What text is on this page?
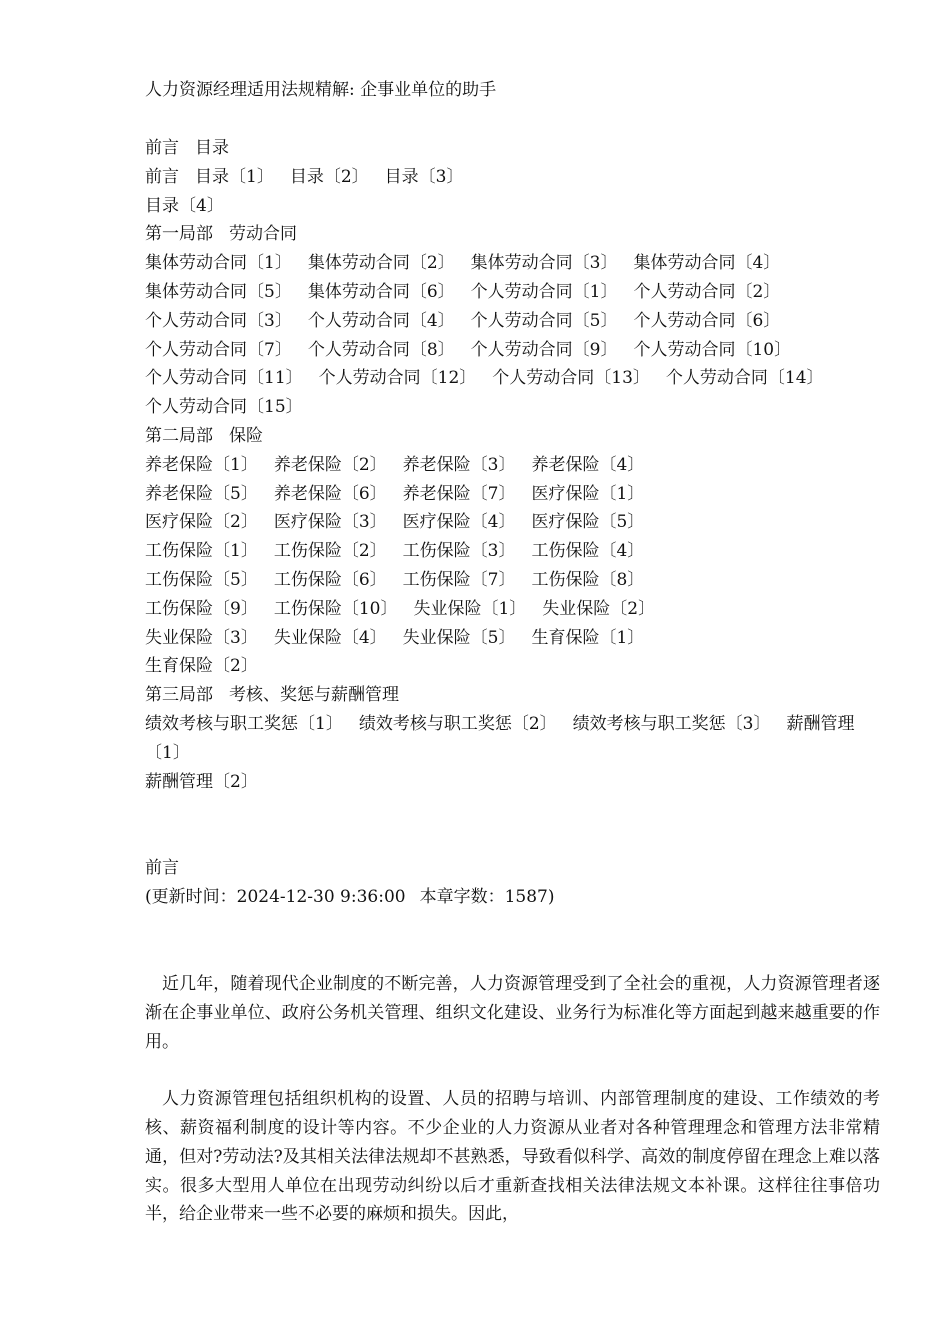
人力资源经理适用法规精解: 企事业单位的助手
前言 目录
前言 目录〔1〕 目录〔2〕 目录〔3〕
目录〔4〕
第一局部 劳动合同
集体劳动合同〔1〕 集体劳动合同〔2〕 集体劳动合同〔3〕 集体劳动合同〔4〕
集体劳动合同〔5〕 集体劳动合同〔6〕 个人劳动合同〔1〕 个人劳动合同〔2〕
个人劳动合同〔3〕 个人劳动合同〔4〕 个人劳动合同〔5〕 个人劳动合同〔6〕
个人劳动合同〔7〕 个人劳动合同〔8〕 个人劳动合同〔9〕 个人劳动合同〔10〕
个人劳动合同〔11〕 个人劳动合同〔12〕 个人劳动合同〔13〕 个人劳动合同〔14〕
个人劳动合同〔15〕
第二局部 保险
养老保险〔1〕 养老保险〔2〕 养老保险〔3〕 养老保险〔4〕
养老保险〔5〕 养老保险〔6〕 养老保险〔7〕 医疗保险〔1〕
医疗保险〔2〕 医疗保险〔3〕 医疗保险〔4〕 医疗保险〔5〕
工伤保险〔1〕 工伤保险〔2〕 工伤保险〔3〕 工伤保险〔4〕
工伤保险〔5〕 工伤保险〔6〕 工伤保险〔7〕 工伤保险〔8〕
工伤保险〔9〕 工伤保险〔10〕 失业保险〔1〕 失业保险〔2〕
失业保险〔3〕 失业保险〔4〕 失业保险〔5〕 生育保险〔1〕
生育保险〔2〕
第三局部 考核、奖惩与薪酬管理
绩效考核与职工奖惩〔1〕 绩效考核与职工奖惩〔2〕 绩效考核与职工奖惩〔3〕 薪酬管理〔1〕
薪酬管理〔2〕
前言
(更新时间：2024-12-30 9:36:00 本章字数：1587)

近几年，随着现代企业制度的不断完善，人力资源管理受到了全社会的重视，人力资源管理者逐渐在企事业单位、政府公务机关管理、组织文化建设、业务行为标准化等方面起到越来越重要的作用。

人力资源管理包括组织机构的设置、人员的招聘与培训、内部管理制度的建设、工作绩效的考核、薪资福利制度的设计等内容。不少企业的人力资源从业者对各种管理理念和管理方法非常精通，但对?劳动法?及其相关法律法规却不甚熟悉，导致看似科学、高效的制度停留在理念上难以落实。很多大型用人单位在出现劳动纠纷以后才重新查找相关法律法规文本补课。这样往往事倍功半，给企业带来一些不必要的麻烦和损失。因此，
